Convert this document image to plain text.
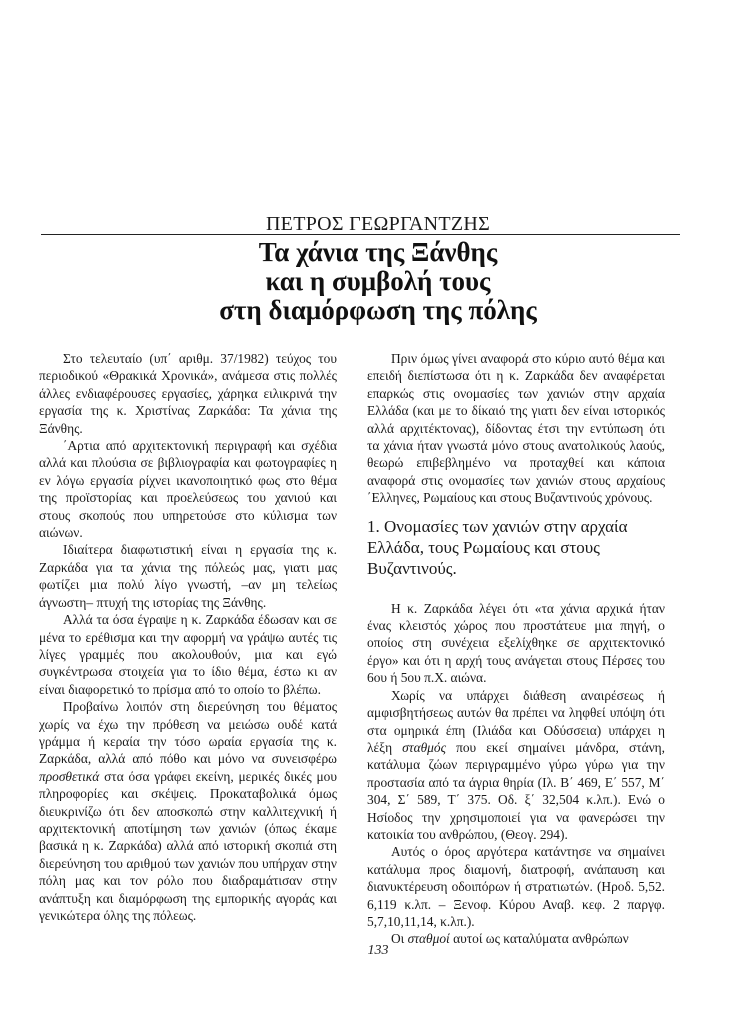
ΠΕΤΡΟΣ ΓΕΩΡΓΑΝΤΖΗΣ
Τα χάνια της Ξάνθης
και η συμβολή τους
στη διαμόρφωση της πόλης

Στο τελευταίο (υπ΄ αριθμ. 37/1982) τεύχος του περιοδικού «Θρακικά Χρονικά», ανάμεσα στις πολλές άλλες ενδιαφέρουσες εργασίες, χάρηκα ειλικρινά την εργασία της κ. Χριστίνας Ζαρκάδα: Τα χάνια της Ξάνθης.

΄Αρτια από αρχιτεκτονική περιγραφή και σχέδια αλλά και πλούσια σε βιβλιογραφία και φωτογραφίες η εν λόγω εργασία ρίχνει ικανοποιητικό φως στο θέμα της προϊστορίας και προελεύσεως του χανιού και στους σκοπούς που υπηρετούσε στο κύλισμα των αιώνων.

Ιδιαίτερα διαφωτιστική είναι η εργασία της κ. Ζαρκάδα για τα χάνια της πόλεώς μας, γιατι μας φωτίζει μια πολύ λίγο γνωστή, –αν μη τελείως άγνωστη– πτυχή της ιστορίας της Ξάνθης.

Αλλά τα όσα έγραψε η κ. Ζαρκάδα έδωσαν και σε μένα το ερέθισμα και την αφορμή να γράψω αυτές τις λίγες γραμμές που ακολουθούν, μια και εγώ συγκέντρωσα στοιχεία για το ίδιο θέμα, έστω κι αν είναι διαφορετικό το πρίσμα από το οποίο το βλέπω.

Προβαίνω λοιπόν στη διερεύνηση του θέματος χωρίς να έχω την πρόθεση να μειώσω ουδέ κατά γράμμα ή κεραία την τόσο ωραία εργασία της κ. Ζαρκάδα, αλλά από πόθο και μόνο να συνεισφέρω προσθετικά στα όσα γράφει εκείνη, μερικές δικές μου πληροφορίες και σκέψεις. Προκαταβολικά όμως διευκρινίζω ότι δεν αποσκοπώ στην καλλιτεχνική ή αρχιτεκτονική αποτίμηση των χανιών (όπως έκαμε βασικά η κ. Ζαρκάδα) αλλά από ιστορική σκοπιά στη διερεύνηση του αριθμού των χανιών που υπήρχαν στην πόλη μας και τον ρόλο που διαδραμάτισαν στην ανάπτυξη και διαμόρφωση της εμπορικής αγοράς και γενικώτερα όλης της πόλεως.

Πριν όμως γίνει αναφορά στο κύριο αυτό θέμα και επειδή διεπίστωσα ότι η κ. Ζαρκάδα δεν αναφέρεται επαρκώς στις ονομασίες των χανιών στην αρχαία Ελλάδα (και με το δίκαιό της γιατι δεν είναι ιστορικός αλλά αρχιτέκτονας), δίδοντας έτσι την εντύπωση ότι τα χάνια ήταν γνωστά μόνο στους ανατολικούς λαούς, θεωρώ επιβεβλημένο να προταχθεί και κάποια αναφορά στις ονομασίες των χανιών στους αρχαίους ΄Ελληνες, Ρωμαίους και στους Βυζαντινούς χρόνους.

1. Ονομασίες των χανιών στην αρχαία Ελλάδα, τους Ρωμαίους και στους Βυζαντινούς.

Η κ. Ζαρκάδα λέγει ότι «τα χάνια αρχικά ήταν ένας κλειστός χώρος που προστάτευε μια πηγή, ο οποίος στη συνέχεια εξελίχθηκε σε αρχιτεκτονικό έργο» και ότι η αρχή τους ανάγεται στους Πέρσες του 6ου ή 5ου π.Χ. αιώνα.

Χωρίς να υπάρχει διάθεση αναιρέσεως ή αμφισβητήσεως αυτών θα πρέπει να ληφθεί υπόψη ότι στα ομηρικά έπη (Ιλιάδα και Οδύσσεια) υπάρχει η λέξη σταθμός που εκεί σημαίνει μάνδρα, στάνη, κατάλυμα ζώων περιγραμμένο γύρω γύρω για την προστασία από τα άγρια θηρία (Ιλ. Β΄ 469, Ε΄ 557, Μ΄ 304, Σ΄ 589, Τ΄ 375. Οδ. ξ΄ 32,504 κ.λπ.). Ενώ ο Ησίοδος την χρησιμοποιεί για να φανερώσει την κατοικία του ανθρώπου, (Θεογ. 294).

Αυτός ο όρος αργότερα κατάντησε να σημαίνει κατάλυμα προς διαμονή, διατροφή, ανάπαυση και διανυκτέρευση οδοιπόρων ή στρατιωτών. (Ηροδ. 5,52. 6,119 κ.λπ. – Ξενοφ. Κύρου Αναβ. κεφ. 2 παργφ. 5,7,10,11,14, κ.λπ.).

Οι σταθμοί αυτοί ως καταλύματα ανθρώπων

133
